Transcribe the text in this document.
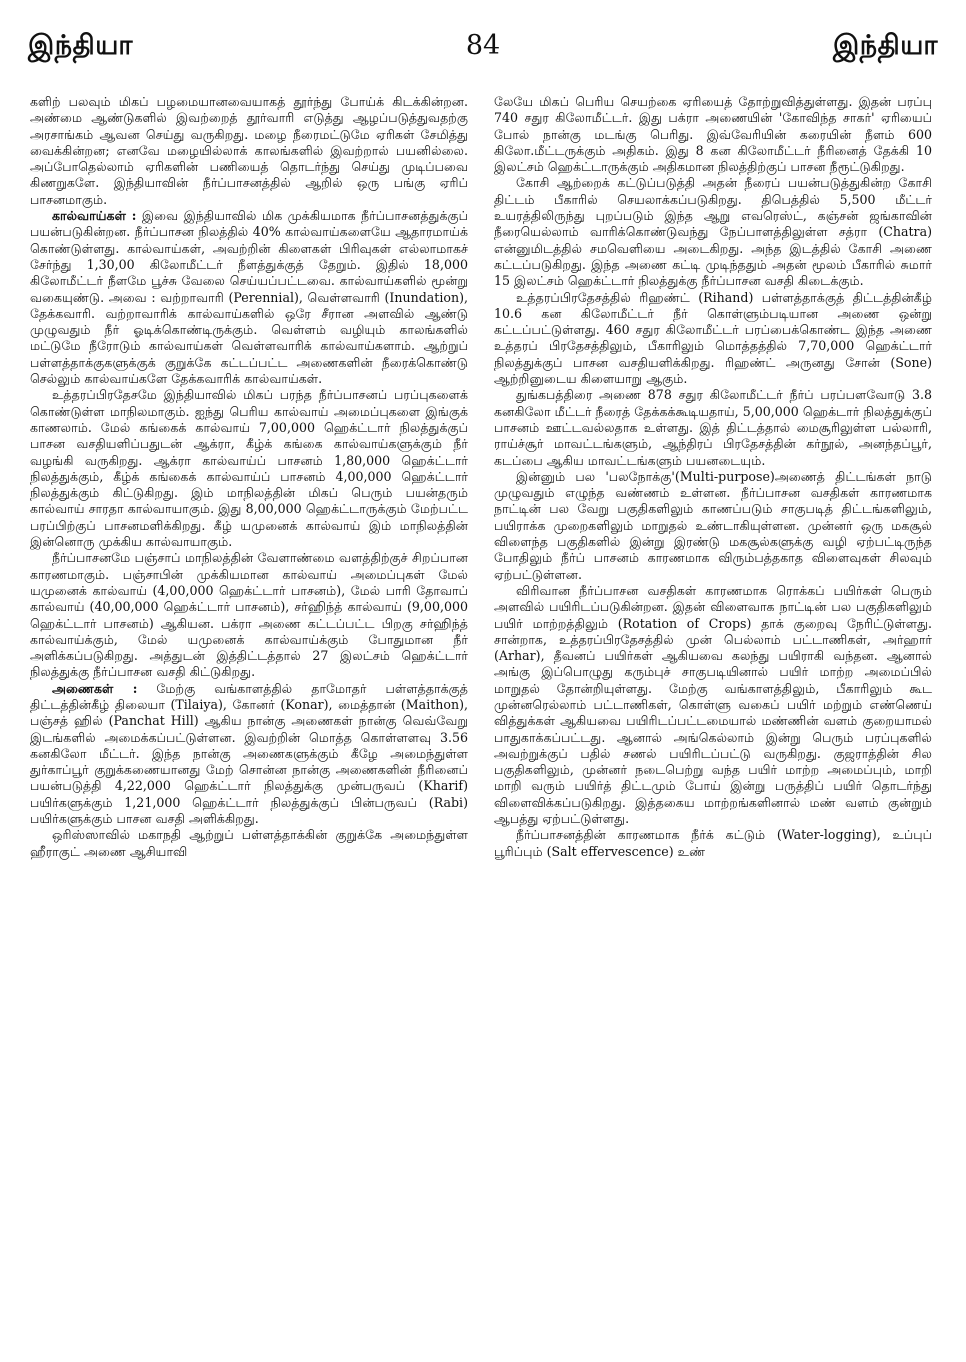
இந்தியா	84	இந்தியா

களிற் பலவும் மிகப் பழமையானவையாகத் தூர்ந்து போய்க் கிடக்கின்றன. அண்மை ஆண்டுகளில் இவற்றைத் தூர்வாரி எடுத்து ஆழப்படுத்துவதற்கு அரசாங்கம் ஆவன செய்து வருகிறது. மழை நீரைமட்டுமே ஏரிகள் சேமித்து வைக்கின்றன; எனவே மழையில்லாக் காலங்களில் இவற்றால் பயனில்லை. அப்போதெல்லாம் ஏரிகளின் பணியைத் தொடர்ந்து செய்து முடிப்பவை கிணறுகளே. இந்தியாவின் நீர்ப்பாசனத்தில் ஆறில் ஒரு பங்கு ஏரிப் பாசனமாகும்.

கால்வாய்கள் : இவை இந்தியாவில் மிக முக்கியமாக நீர்ப்பாசனத்துக்குப் பயன்படுகின்றன. நீர்ப்பாசன நிலத்தில் 40% கால்வாய்களையே ஆதாரமாய்க் கொண்டுள்ளது. கால்வாய்கள், அவற்றின் கிளைகள் பிரிவுகள் எல்லாமாகச் சேர்ந்து 1,30,00 கிலோமீட்டர் நீளத்துக்குத் தேறும். இதில் 18,000 கிலோமீட்டர் நீளமே பூச்சு வேலை செய்யப்பட்டவை. கால்வாய்களில் மூன்று வகையுண்டு. அவை : வற்றாவாரி (Perennial), வெள்ளவாரி (Inundation), தேக்கவாரி. வற்றாவாரிக் கால்வாய்களில் ஒரே சீரான அளவில் ஆண்டு முழுவதும் நீர் ஓடிக்கொண்டிருக்கும். வெள்ளம் வழியும் காலங்களில் மட்டுமே நீரோடும் கால்வாய்கள் வெள்ளவாரிக் கால்வாய்களாம். ஆற்றுப் பள்ளத்தாக்குகளுக்குக் குறுக்கே கட்டப்பட்ட அணைகளின் நீரைக்கொண்டு செல்லும் கால்வாய்களே தேக்கவாரிக் கால்வாய்கள்.

உத்தரப்பிரதேசமே இந்தியாவில் மிகப் பரந்த நீர்ப்பாசனப் பரப்புகளைக் கொண்டுள்ள மாநிலமாகும். ஐந்து பெரிய கால்வாய் அமைப்புகளை இங்குக் காணலாம். மேல் கங்கைக் கால்வாய் 7,00,000 ஹெக்ட்டார் நிலத்துக்குப் பாசன வசதியளிப்பதுடன் ஆக்ரா, கீழ்க் கங்கை கால்வாய்களுக்கும் நீர் வழங்கி வருகிறது. ஆக்ரா கால்வாய்ப் பாசனம் 1,80,000 ஹெக்ட்டார் நிலத்துக்கும், கீழ்க் கங்கைக் கால்வாய்ப் பாசனம் 4,00,000 ஹெக்ட்டார் நிலத்துக்கும் கிட்டுகிறது. இம் மாநிலத்தின் மிகப் பெரும் பயன்தரும் கால்வாய் சாரதா கால்வாயாகும். இது 8,00,000 ஹெக்ட்டாருக்கும் மேற்பட்ட பரப்பிற்குப் பாசனமளிக்கிறது. கீழ் யமுனைக் கால்வாய் இம் மாநிலத்தின் இன்னொரு முக்கிய கால்வாயாகும்.

நீர்ப்பாசனமே பஞ்சாப் மாநிலத்தின் வேளாண்மை வளத்திற்குச் சிறப்பான காரணமாகும். பஞ்சாபின் முக்கியமான கால்வாய் அமைப்புகள் மேல் யமுனைக் கால்வாய் (4,00,000 ஹெக்ட்டார் பாசனம்), மேல் பாரி தோவாப் கால்வாய் (40,00,000 ஹெக்ட்டார் பாசனம்), சர்ஹிந்த் கால்வாய் (9,00,000 ஹெக்ட்டார் பாசனம்) ஆகியன. பக்ரா அணை கட்டப்பட்ட பிறகு சர்ஹிந்த் கால்வாய்க்கும், மேல் யமுனைக் கால்வாய்க்கும் போதுமான நீர் அளிக்கப்படுகிறது. அத்துடன் இத்திட்டத்தால் 27 இலட்சம் ஹெக்ட்டார் நிலத்துக்கு நீர்ப்பாசன வசதி கிட்டுகிறது.

அணைகள் : மேற்கு வங்காளத்தில் தாமோதர் பள்ளத்தாக்குத் திட்டத்தின்கீழ் திலையா (Tilaiya), கோனர் (Konar), மைத்தான் (Maithon), பஞ்சத் ஹில் (Panchat Hill) ஆகிய நான்கு அணைகள் நான்கு வெவ்வேறு இடங்களில் அமைக்கப்பட்டுள்ளன. இவற்றின் மொத்த கொள்ளளவு 3.56 கனகிலோ மீட்டர். இந்த நான்கு அணைகளுக்கும் கீழே அமைந்துள்ள துர்காப்பூர் குறுக்கணையானது மேற் சொன்ன நான்கு அணைகளின் நீரினைப் பயன்படுத்தி 4,22,000 ஹெக்ட்டார் நிலத்துக்கு முன்பருவப் (Kharif) பயிர்களுக்கும் 1,21,000 ஹெக்ட்டார் நிலத்துக்குப் பின்பருவப் (Rabi) பயிர்களுக்கும் பாசன வசதி அளிக்கிறது.

ஒரிஸ்ஸாவில் மகாநதி ஆற்றுப் பள்ளத்தாக்கின் குறுக்கே அமைந்துள்ள ஹீராகுட் அணை ஆசியாவி

லேயே மிகப் பெரிய செயற்கை ஏரியைத் தோற்றுவித்துள்ளது. இதன் பரப்பு 740 சதுர கிலோமீட்டர். இது பக்ரா அணையின் 'கோவிந்த சாகர்' ஏரியைப் போல் நான்கு மடங்கு பெரிது. இவ்வேரியின் கரையின் நீளம் 600 கிலோ.மீட்டருக்கும் அதிகம். இது 8 கன கிலோமீட்டர் நீரினைத் தேக்கி 10 இலட்சம் ஹெக்ட்டாருக்கும் அதிகமான நிலத்திற்குப் பாசன நீரூட்டுகிறது.

கோசி ஆற்றைக் கட்டுப்படுத்தி அதன் நீரைப் பயன்படுத்துகின்ற கோசி திட்டம் பீகாரில் செயலாக்கப்படுகிறது. திபெத்தில் 5,500 மீட்டர் உயரத்திலிருந்து புறப்படும் இந்த ஆறு எவரெஸ்ட், கஞ்சன் ஜங்காவின் நீரையெல்லாம் வாரிக்கொண்டுவந்து நேப்பாளத்திலுள்ள சத்ரா (Chatra) என்னுமிடத்தில் சமவெளியை அடைகிறது. அந்த இடத்தில் கோசி அணை கட்டப்படுகிறது. இந்த அணை கட்டி முடிந்ததும் அதன் மூலம் பீகாரில் சுமார் 15 இலட்சம் ஹெக்ட்டார் நிலத்துக்கு நீர்ப்பாசன வசதி கிடைக்கும்.

உத்தரப்பிரதேசத்தில் ரிஹண்ட் (Rihand) பள்ளத்தாக்குத் திட்டத்தின்கீழ் 10.6 கன கிலோமீட்டர் நீர் கொள்ளும்படியான அணை ஒன்று கட்டப்பட்டுள்ளது. 460 சதுர கிலோமீட்டர் பரப்பைக்கொண்ட இந்த அணை உத்தரப் பிரதேசத்திலும், பீகாரிலும் மொத்தத்தில் 7,70,000 ஹெக்ட்டார் நிலத்துக்குப் பாசன வசதியளிக்கிறது. ரிஹண்ட் அருனது சோன் (Sone) ஆற்றினுடைய கிளையாறு ஆகும்.

துங்கபத்திரை அணை 878 சதுர கிலோமீட்டர் நீர்ப் பரப்பளவோடு 3.8 கனகிலோ மீட்டர் நீரைத் தேக்கக்கூடியதாய், 5,00,000 ஹெக்டார் நிலத்துக்குப் பாசனம் ஊட்டவல்லதாக உள்ளது. இத் திட்டத்தால் மைசூரிலுள்ள பல்லாரி, ராய்ச்சூர் மாவட்டங்களும், ஆந்திரப் பிரதேசத்தின் கர்நூல், அனந்தப்பூர், கடப்பை ஆகிய மாவட்டங்களும் பயனடையும்.

இன்னும் பல 'பலநோக்கு'(Multi-purpose)அணைத் திட்டங்கள் நாடு முழுவதும் எழுந்த வண்ணம் உள்ளன. நீர்ப்பாசன வசதிகள் காரணமாக நாட்டின் பல வேறு பகுதிகளிலும் காணப்படும் சாகுபடித் திட்டங்களிலும், பயிராக்க முறைகளிலும் மாறுதல் உண்டாகியுள்ளன. முன்னர் ஒரு மகசூல் விளைந்த பகுதிகளில் இன்று இரண்டு மகசூல்களுக்கு வழி ஏற்பட்டிருந்த போதிலும் நீர்ப் பாசனம் காரணமாக விரும்பத்தகாத விளைவுகள் சிலவும் ஏற்பட்டுள்ளன.

விரிவான நீர்ப்பாசன வசதிகள் காரணமாக ரொக்கப் பயிர்கள் பெரும் அளவில் பயிரிடப்படுகின்றன. இதன் விளைவாக நாட்டின் பல பகுதிகளிலும் பயிர் மாற்றத்திலும் (Rotation of Crops) தாக் குறைவு நேரிட்டுள்ளது. சான்றாக, உத்தரப்பிரதேசத்தில் முன் பெல்லாம் பட்டாணிகள், அர்ஹார் (Arhar), தீவனப் பயிர்கள் ஆகியவை கலந்து பயிராகி வந்தன. ஆனால் அங்கு இப்பொழுது கரும்புச் சாகுபடியினால் பயிர் மாற்ற அமைப்பில் மாறுதல் தோன்றியுள்ளது. மேற்கு வங்காளத்திலும், பீகாரிலும் கூட முன்னரெல்லாம் பட்டாணிகள், கொள்ளு வகைப் பயிர் மற்றும் எண்ணெய் வித்துக்கள் ஆகியவை பயிரிடப்பட்டமையால் மண்ணின் வளம் குறையாமல் பாதுகாக்கப்பட்டது. ஆனால் அங்கெல்லாம் இன்று பெரும் பரப்புகளில் அவற்றுக்குப் பதில் சணல் பயிரிடப்பட்டு வருகிறது. குஜராத்தின் சில பகுதிகளிலும், முன்னர் நடைபெற்று வந்த பயிர் மாற்ற அமைப்பும், மாறி மாறி வரும் பயிர்த் திட்டமும் போய் இன்று பருத்திப் பயிர் தொடர்ந்து விளைவிக்கப்படுகிறது. இத்தகைய மாற்றங்களினால் மண் வளம் குன்றும் ஆபத்து ஏற்பட்டுள்ளது.

நீர்ப்பாசனத்தின் காரணமாக நீர்க் கட்டும் (Water-logging), உப்புப் பூரிப்பும் (Salt effervescence) உண்
